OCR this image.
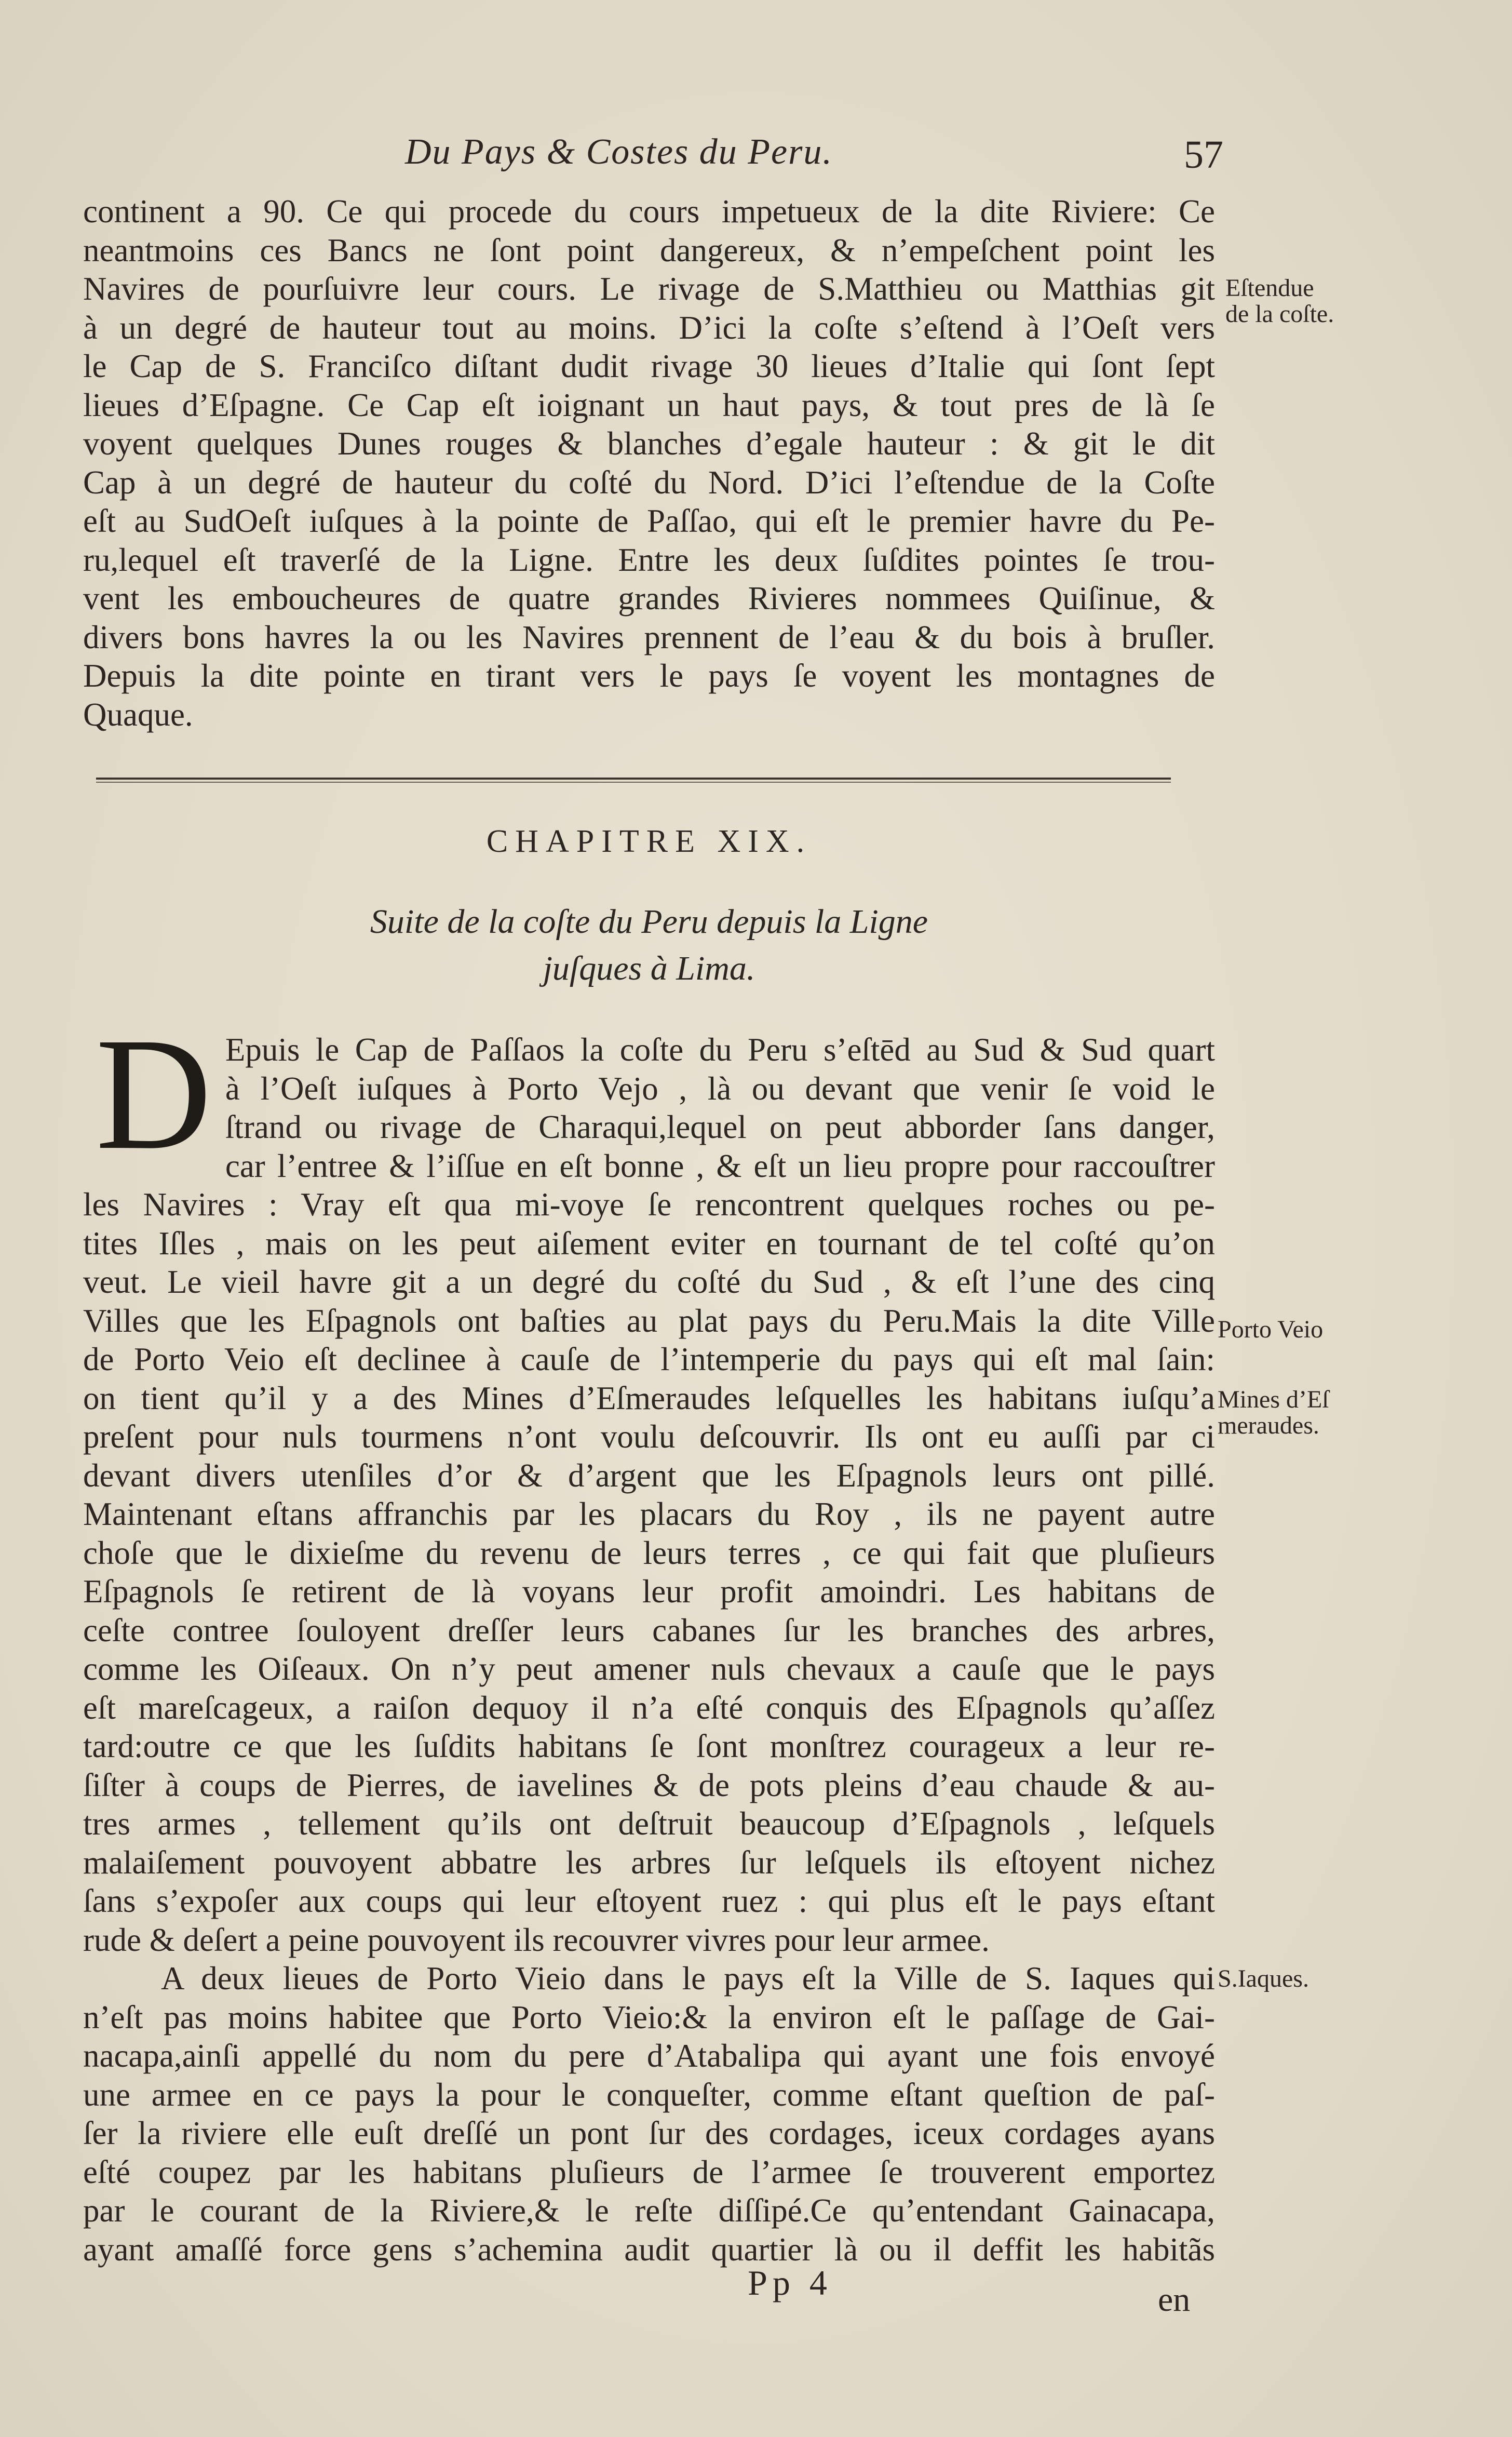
Du Pays & Costes du Peru.	57
continent a 90. Ce qui procede du cours impetueux de la dite Riviere: Ce
neantmoins ces Bancs ne ſont point dangereux, & n’empeſchent point les
Navires de pourſuivre leur cours. Le rivage de S.Matthieu ou Matthias git
à un degré de hauteur tout au moins. D’ici la coſte s’eſtend à l’Oeſt vers
le Cap de S. Franciſco diſtant dudit rivage 30 lieues d’Italie qui ſont ſept
lieues d’Eſpagne. Ce Cap eſt ioignant un haut pays, & tout pres de là ſe
voyent quelques Dunes rouges & blanches d’egale hauteur : & git le dit
Cap à un degré de hauteur du coſté du Nord. D’ici l’eſtendue de la Coſte
eſt au SudOeſt iuſques à la pointe de Paſſao, qui eſt le premier havre du Pe-
ru,lequel eſt traverſé de la Ligne. Entre les deux ſuſdites pointes ſe trou-
vent les emboucheures de quatre grandes Rivieres nommees Quiſinue, &
divers bons havres la ou les Navires prennent de l’eau & du bois à bruſler.
Depuis la dite pointe en tirant vers le pays ſe voyent les montagnes de
Quaque.
Eſtendue
de la coſte.
CHAPITRE XIX.
Suite de la coſte du Peru depuis la Ligne
juſques à Lima.
D Epuis le Cap de Paſſaos la coſte du Peru s’eſtēd au Sud & Sud quart
à l’Oeſt iuſques à Porto Vejo , là ou devant que venir ſe void le
ſtrand ou rivage de Charaqui,lequel on peut abborder ſans danger,
car l’entree & l’iſſue en eſt bonne , & eſt un lieu propre pour raccouſtrer
les Navires : Vray eſt qua mi-voye ſe rencontrent quelques roches ou pe-
tites Iſles , mais on les peut aiſement eviter en tournant de tel coſté qu’on
veut. Le vieil havre git a un degré du coſté du Sud , & eſt l’une des cinq
Villes que les Eſpagnols ont baſties au plat pays du Peru.Mais la dite Ville
de Porto Veio eſt declinee à cauſe de l’intemperie du pays qui eſt mal ſain:
on tient qu’il y a des Mines d’Eſmeraudes leſquelles les habitans iuſqu’a
preſent pour nuls tourmens n’ont voulu deſcouvrir. Ils ont eu auſſi par ci
devant divers utenſiles d’or & d’argent que les Eſpagnols leurs ont pillé.
Maintenant eſtans affranchis par les placars du Roy , ils ne payent autre
choſe que le dixieſme du revenu de leurs terres , ce qui fait que pluſieurs
Eſpagnols ſe retirent de là voyans leur profit amoindri. Les habitans de
ceſte contree ſouloyent dreſſer leurs cabanes ſur les branches des arbres,
comme les Oiſeaux. On n’y peut amener nuls chevaux a cauſe que le pays
eſt mareſcageux, a raiſon dequoy il n’a eſté conquis des Eſpagnols qu’aſſez
tard:outre ce que les ſuſdits habitans ſe ſont monſtrez courageux a leur re-
ſiſter à coups de Pierres, de iavelines & de pots pleins d’eau chaude & au-
tres armes , tellement qu’ils ont deſtruit beaucoup d’Eſpagnols , leſquels
malaiſement pouvoyent abbatre les arbres ſur leſquels ils eſtoyent nichez
ſans s’expoſer aux coups qui leur eſtoyent ruez : qui plus eſt le pays eſtant
rude & deſert a peine pouvoyent ils recouvrer vivres pour leur armee.
A deux lieues de Porto Vieio dans le pays eſt la Ville de S. Iaques qui
n’eſt pas moins habitee que Porto Vieio:& la environ eſt le paſſage de Gai-
nacapa,ainſi appellé du nom du pere d’Atabalipa qui ayant une fois envoyé
une armee en ce pays la pour le conqueſter, comme eſtant queſtion de paſ-
ſer la riviere elle euſt dreſſé un pont ſur des cordages, iceux cordages ayans
eſté coupez par les habitans pluſieurs de l’armee ſe trouverent emportez
par le courant de la Riviere,& le reſte diſſipé.Ce qu’entendant Gainacapa,
ayant amaſſé force gens s’achemina audit quartier là ou il deffit les habitãs
Porto Veio
Mines d’Eſ
meraudes.
S.Iaques.
Pp 4	en
